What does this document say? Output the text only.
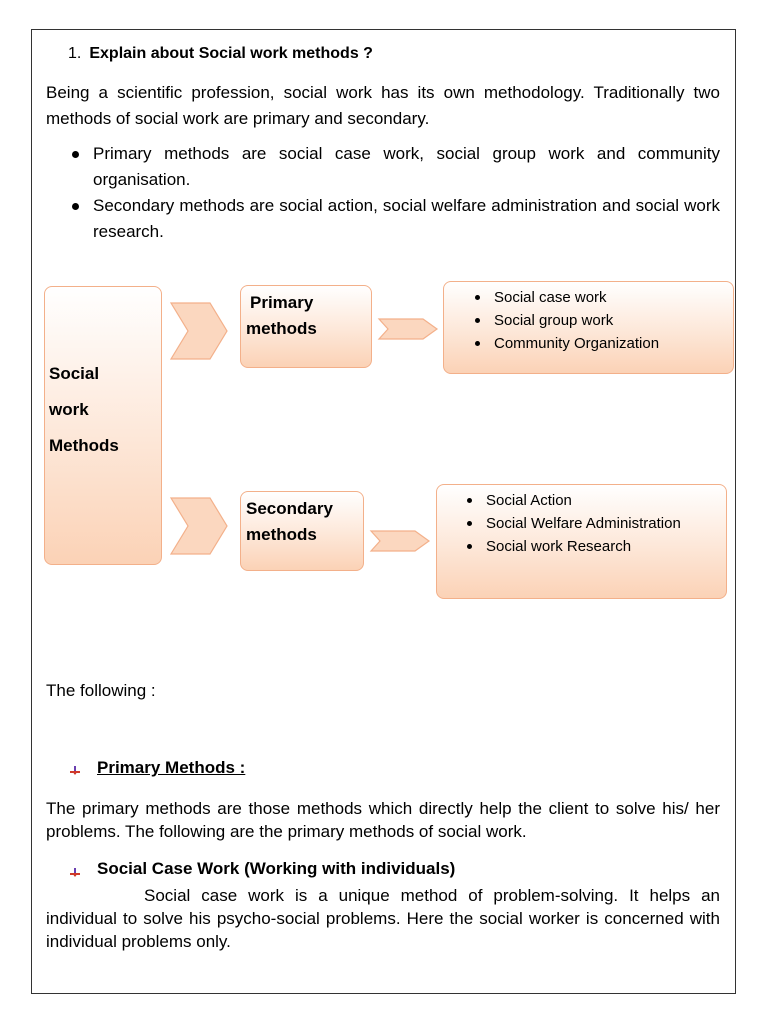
1. Explain about Social work methods ?
Being a scientific profession, social work has its own methodology. Traditionally two methods of social work are primary and secondary.
Primary methods are social case work, social group work and community organisation.
Secondary methods are social action, social welfare administration and social work research.
Social
work
Methods
Primary
methods
Social case work
Social group work
Community Organization
Secondary
methods
Social Action
Social Welfare Administration
Social work Research
The following :
Primary Methods :
The primary methods are those methods which directly help the client to solve his/ her problems. The following are the primary methods of social work.
Social Case Work (Working with individuals)
Social case work is a unique method of problem-solving. It helps an individual to solve his psycho-social problems. Here the social worker is concerned with individual problems only.
